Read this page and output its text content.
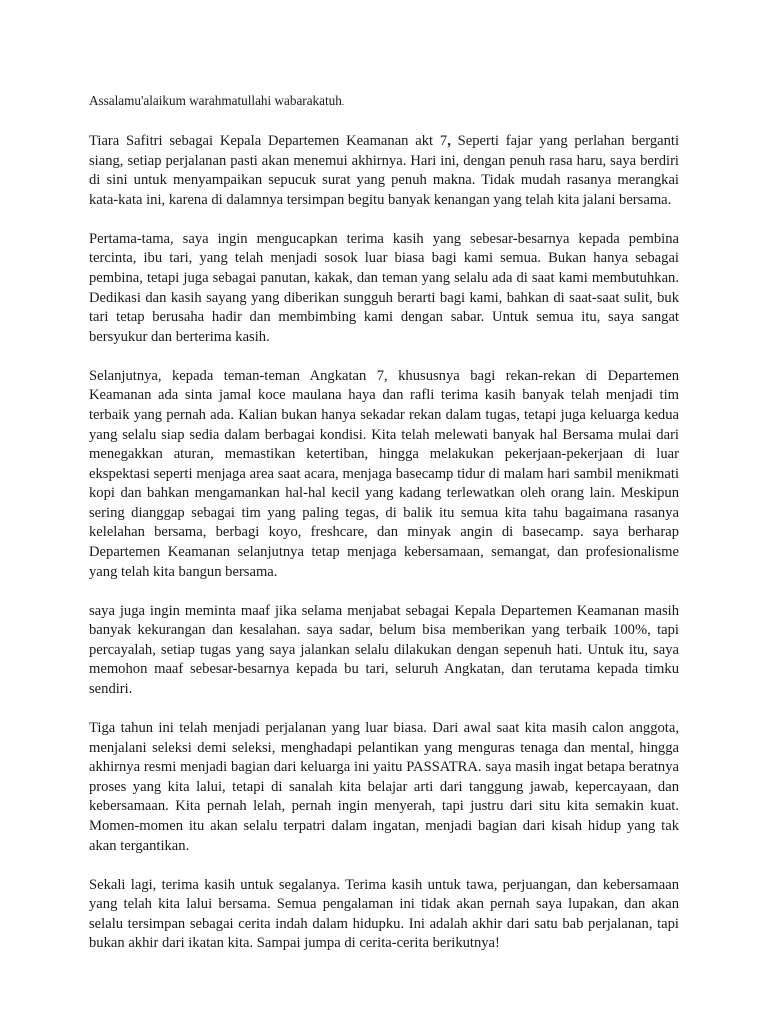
Assalamu'alaikum warahmatullahi wabarakatuh.

Tiara Safitri sebagai Kepala Departemen Keamanan akt 7, Seperti fajar yang perlahan berganti siang, setiap perjalanan pasti akan menemui akhirnya. Hari ini, dengan penuh rasa haru, saya berdiri di sini untuk menyampaikan sepucuk surat yang penuh makna. Tidak mudah rasanya merangkai kata-kata ini, karena di dalamnya tersimpan begitu banyak kenangan yang telah kita jalani bersama.

Pertama-tama, saya ingin mengucapkan terima kasih yang sebesar-besarnya kepada pembina tercinta, ibu tari, yang telah menjadi sosok luar biasa bagi kami semua. Bukan hanya sebagai pembina, tetapi juga sebagai panutan, kakak, dan teman yang selalu ada di saat kami membutuhkan. Dedikasi dan kasih sayang yang diberikan sungguh berarti bagi kami, bahkan di saat-saat sulit, buk tari tetap berusaha hadir dan membimbing kami dengan sabar. Untuk semua itu, saya sangat bersyukur dan berterima kasih.

Selanjutnya, kepada teman-teman Angkatan 7, khususnya bagi rekan-rekan di Departemen Keamanan ada sinta jamal koce maulana haya dan rafli terima kasih banyak telah menjadi tim terbaik yang pernah ada. Kalian bukan hanya sekadar rekan dalam tugas, tetapi juga keluarga kedua yang selalu siap sedia dalam berbagai kondisi. Kita telah melewati banyak hal Bersama mulai dari menegakkan aturan, memastikan ketertiban, hingga melakukan pekerjaan-pekerjaan di luar ekspektasi seperti menjaga area saat acara, menjaga basecamp tidur di malam hari sambil menikmati kopi dan bahkan mengamankan hal-hal kecil yang kadang terlewatkan oleh orang lain. Meskipun sering dianggap sebagai tim yang paling tegas, di balik itu semua kita tahu bagaimana rasanya kelelahan bersama, berbagi koyo, freshcare, dan minyak angin di basecamp. saya berharap Departemen Keamanan selanjutnya tetap menjaga kebersamaan, semangat, dan profesionalisme yang telah kita bangun bersama.

saya juga ingin meminta maaf jika selama menjabat sebagai Kepala Departemen Keamanan masih banyak kekurangan dan kesalahan. saya sadar, belum bisa memberikan yang terbaik 100%, tapi percayalah, setiap tugas yang saya jalankan selalu dilakukan dengan sepenuh hati. Untuk itu, saya memohon maaf sebesar-besarnya kepada bu tari, seluruh Angkatan, dan terutama kepada timku sendiri.

Tiga tahun ini telah menjadi perjalanan yang luar biasa. Dari awal saat kita masih calon anggota, menjalani seleksi demi seleksi, menghadapi pelantikan yang menguras tenaga dan mental, hingga akhirnya resmi menjadi bagian dari keluarga ini yaitu PASSATRA. saya masih ingat betapa beratnya proses yang kita lalui, tetapi di sanalah kita belajar arti dari tanggung jawab, kepercayaan, dan kebersamaan. Kita pernah lelah, pernah ingin menyerah, tapi justru dari situ kita semakin kuat. Momen-momen itu akan selalu terpatri dalam ingatan, menjadi bagian dari kisah hidup yang tak akan tergantikan.

Sekali lagi, terima kasih untuk segalanya. Terima kasih untuk tawa, perjuangan, dan kebersamaan yang telah kita lalui bersama. Semua pengalaman ini tidak akan pernah saya lupakan, dan akan selalu tersimpan sebagai cerita indah dalam hidupku. Ini adalah akhir dari satu bab perjalanan, tapi bukan akhir dari ikatan kita. Sampai jumpa di cerita-cerita berikutnya!
